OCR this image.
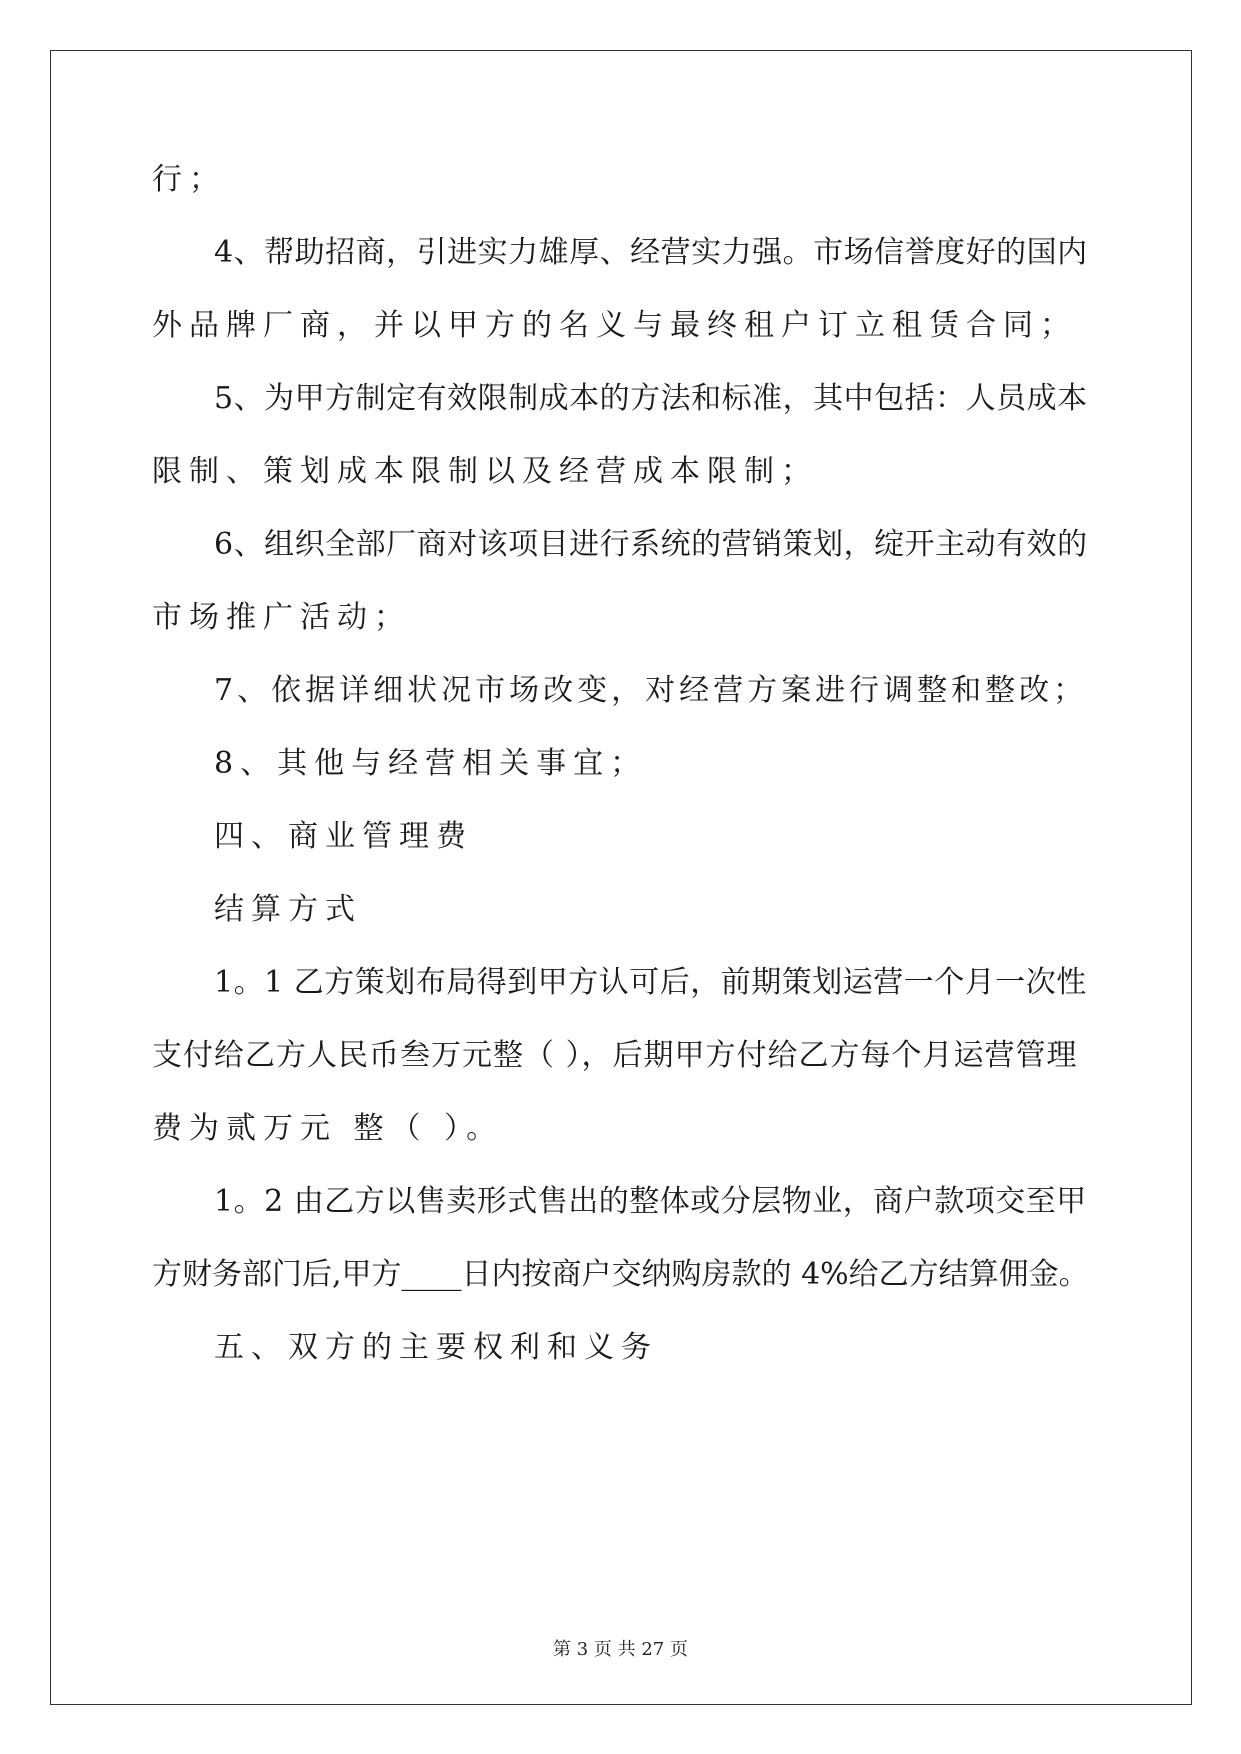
行；
4、帮助招商，引进实力雄厚、经营实力强。市场信誉度好的国内
外品牌厂商，并以甲方的名义与最终租户订立租赁合同；
5、为甲方制定有效限制成本的方法和标准，其中包括：人员成本
限制、策划成本限制以及经营成本限制；
6、组织全部厂商对该项目进行系统的营销策划，绽开主动有效的
市场推广活动；
7、依据详细状况市场改变，对经营方案进行调整和整改；
8、其他与经营相关事宜；
四、商业管理费
结算方式
1。1 乙方策划布局得到甲方认可后，前期策划运营一个月一次性
支付给乙方人民币叁万元整（ ），后期甲方付给乙方每个月运营管理
费为贰万元 整（ ）。
1。2 由乙方以售卖形式售出的整体或分层物业，商户款项交至甲
方财务部门后,甲方____日内按商户交纳购房款的 4%给乙方结算佣金。
五、双方的主要权利和义务
第 3 页 共 27 页
